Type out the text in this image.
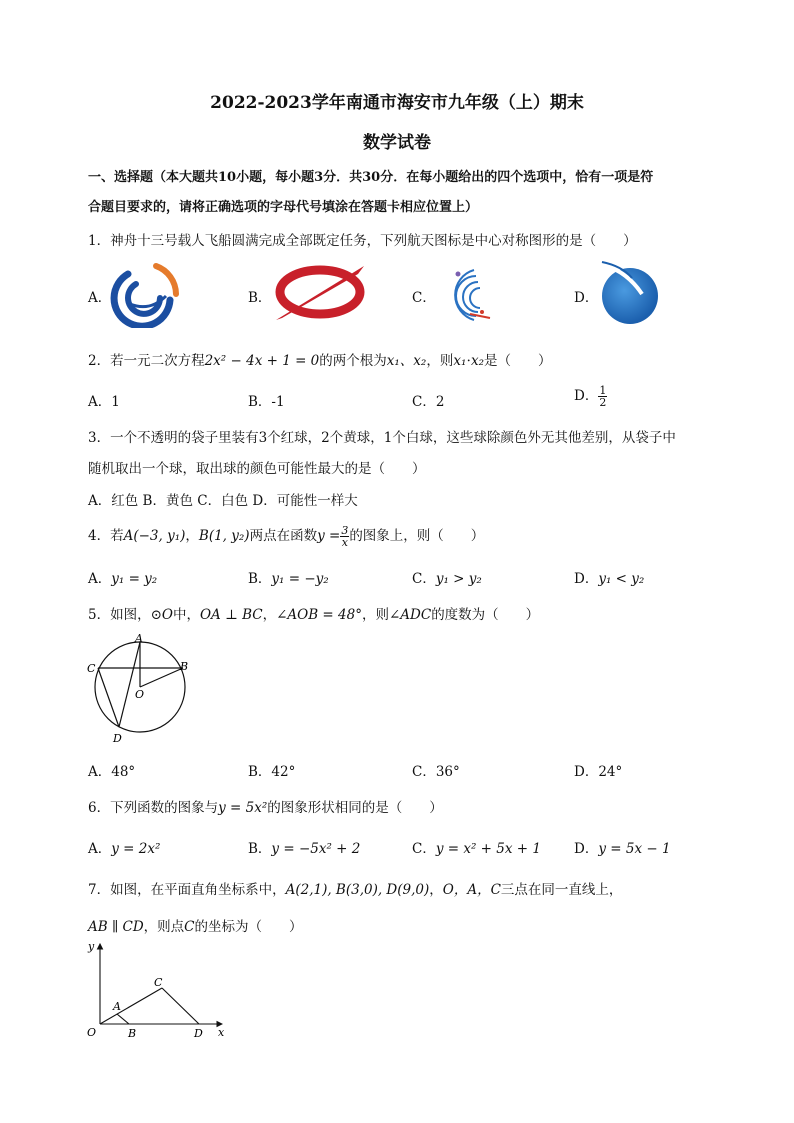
2022-2023学年南通市海安市九年级（上）期末
数学试卷
一、选择题（本大题共10小题，每小题3分．共30分．在每小题给出的四个选项中，恰有一项是符
合题目要求的，请将正确选项的字母代号填涂在答题卡相应位置上）
1．神舟十三号载人飞船圆满完成全部既定任务，下列航天图标是中心对称图形的是（　　）
A．	B．	C．	D．
2．若一元二次方程2x² − 4x + 1 = 0的两个根为x₁、x₂，则x₁⋅x₂是（　　）
A．1	B．-1	C．2	D． $\frac{1}{2}$
3．一个不透明的袋子里装有3个红球，2个黄球，1个白球，这些球除颜色外无其他差别，从袋子中
随机取出一个球，取出球的颜色可能性最大的是（　　）
A．红色 B．黄色 C．白色 D．可能性一样大
4．若A(−3, y₁)，B(1, y₂)两点在函数$y = \frac{3}{x}$ 的图象上，则（　　）
A．y₁ = y₂	B．y₁ = −y₂	C．y₁ > y₂	D．y₁ < y₂
5．如图，⊙O中，OA ⊥ BC，∠AOB = 48°，则∠ADC的度数为（　　）
A
C	B
O
D
A．48°	B．42°	C．36°	D．24°
6．下列函数的图象与y = 5x²的图象形状相同的是（　　）
A．y = 2x²	B．y = −5x² + 2	C．y = x² + 5x + 1 D．y = 5x − 1
7．如图，在平面直角坐标系中，A(2,1), B(3,0), D(9,0)，O，A，C三点在同一直线上，
AB ∥ CD，则点C的坐标为（　　）
y
x
O
A
B
C
D
